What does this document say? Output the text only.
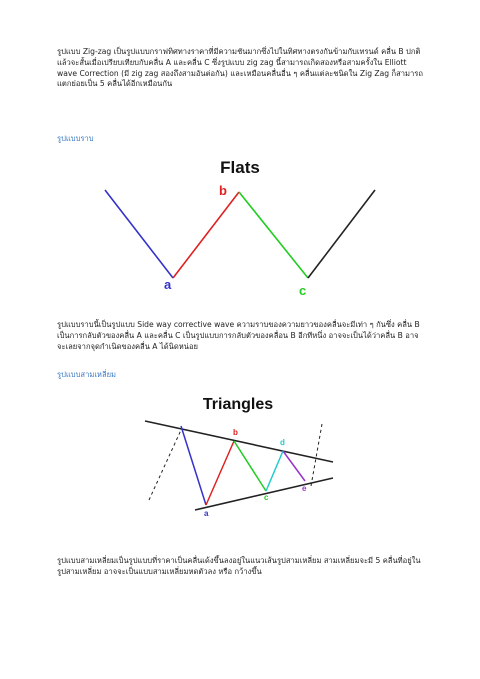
รูปแบบ Zig-zag เป็นรูปแบบกราฟทิศทางราคาที่มีความชันมากซึ่งไปในทิศทางตรงกันข้ามกับเทรนด์ คลื่น B ปกติแล้วจะสั้นเมื่อเปรียบเทียบกับคลื่น A และคลื่น C ซึ่งรูปแบบ zig zag นี้สามารถเกิดสองหรือสามครั้งใน Elliott wave Correction (มี zig zag สองถึงสามอันต่อกัน) และเหมือนคลื่นอื่น ๆ คลื่นแต่ละชนิดใน Zig Zag ก็สามารถแตกย่อยเป็น 5 คลื่นได้อีกเหมือนกัน

รูปแบบราบ
Flats
a
b
c

รูปแบบราบนี้เป็นรูปแบบ Side way corrective wave ความราบของความยาวของคลื่นจะมีเท่า ๆ กันซึ่ง คลื่น B เป็นการกลับตัวของคลื่น A และคลื่น C เป็นรูปแบบการกลับตัวของคลื่อน B อีกทีหนึ่ง อาจจะเป็นได้ว่าคลื่น B อาจจะเลยจากจุดกำเนิดของคลื่น A ได้นิดหน่อย

รูปแบบสามเหลี่ยม
Triangles
a
b
c
d
e

รูปแบบสามเหลี่ยมเป็นรูปแบบที่ราคาเป็นคลื่นเด้งขึ้นลงอยู่ในแนวเส้นรูปสามเหลี่ยม สามเหลี่ยมจะมี 5 คลื่นที่อยู่ในรูปสามเหลี่ยม อาจจะเป็นแบบสามเหลี่ยมหดตัวลง หรือ กว้างขึ้น
